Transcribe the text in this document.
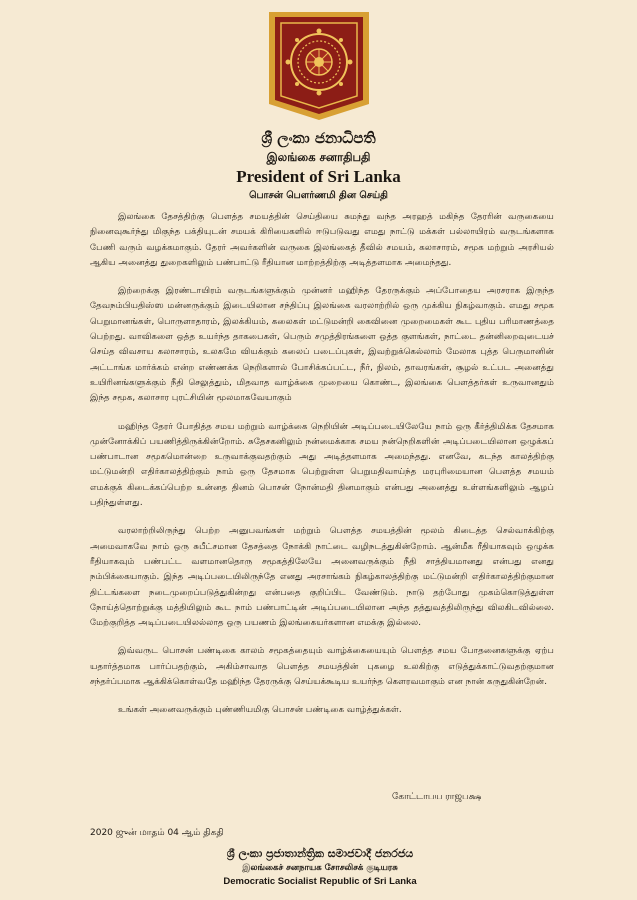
ශ්‍රී ලංකා ජනාධිපති
இலங்கை சனாதிபதி
President of Sri Lanka
பொசன் பௌர்ணமி தின செய்தி

இலங்கை தேசத்திற்கு பௌத்த சமயத்தின் செய்தியை சுமந்து வந்த அரஹத் மகிந்த தேரரின் வருகையை நினைவுகூர்ந்து மிகுந்த பக்தியுடன் சமயக் கிரியைகளில் ஈடுபடுவது எமது நாட்டு மக்கள் பல்லாயிரம் வருடங்களாக பேணி வரும் வழக்கமாகும். தேரர் அவர்களின் வருகை இலங்கைத் தீவில் சமயம், கலாசாரம், சமூக மற்றும் அரசியல் ஆகிய அனைத்து துறைகளிலும் பண்பாட்டு ரீதியான மாற்றத்திற்கு அடித்தளமாக அமைந்தது.

இற்றைக்கு இரண்டாயிரம் வருடங்களுக்கும் முன்னர் மஹிந்த தேரருக்கும் அப்போதைய அரசராக இருந்த தேவநம்பியதிஸ்ஸ மன்னருக்கும் இடையிலான சந்திப்பு இலங்கை வரலாற்றில் ஒரு முக்கிய நிகழ்வாகும். எமது சமூக பெறுமானங்கள், பொருளாதாரம், இலக்கியம், கலைகள் மட்டுமன்றி கைவினை முறைமைகள் கூட புதிய பரிமாணத்தை பெற்றது. வாவிகளை ஒத்த உயர்ந்த தாகபைகள், பெரும் சமுத்திரங்களை ஒத்த குளங்கள், நாட்டை தன்னிறைவுடையச் செய்த விவசாய கலாசாரம், உலகமே வியக்கும் கலைப் படைப்புகள், இவற்றுக்கெல்லாம் மேலாக புத்த பெருமானின் அட்டாங்க மார்க்கம் என்ற எண்ணக்க நெறிகளால் போசிக்கப்பட்ட, நீர், நிலம், தாவரங்கள், சூழல் உட்பட அனைத்து உயிரினங்களுக்கும் நீதி செலுத்தும், மிதவாத வாழ்க்கை முறையை கொண்ட, இலங்கை பௌத்தர்கள் உருவானதும் இந்த சமூக, கலாசார புரட்சியின் மூலமாகவேயாகும்

மஹிந்த தேரர் போதித்த சமய மற்றும் வாழ்க்கை நெறியின் அடிப்படையிலேயே நாம் ஒரு கீர்த்திமிக்க தேசமாக முன்னோக்கிப் பயணித்திருக்கின்றோம். சுதேசகனிலும் நன்மைக்காக சமய நன்நெறிகளின் அடிப்படையிலான ஒழுக்கப் பண்பாடான சமூகமொன்றை உருவாக்குவதற்கும் அது அடித்தளமாக அமைந்தது. எனவே, கடந்த காலத்திற்கு மட்டுமன்றி எதிர்காலத்திற்கும் நாம் ஒரு தேசமாக பெற்றுள்ள பெறுமதிவாய்ந்த மரபுரிமையான பௌத்த சமயம் எமக்குக் கிடைக்கப்பெற்ற உன்னத தினம் பொசன் நோன்மதி தினமாகும் என்பது அனைத்து உள்ளங்களிலும் ஆழப் பதிந்துள்ளது.

வரலாற்றிலிருந்து பெற்ற அனுபவங்கள் மற்றும் பௌத்த சமயத்தின் மூலம் கிடைத்த செல்வாக்கிற்கு அமைவாகவே நாம் ஒரு சுபீட்சமான தேசத்தை நோக்கி நாட்டை வழிநடத்துகின்றோம். ஆன்மீக ரீதியாகவும் ஒழுக்க ரீதியாகவும் பண்பட்ட வளமானதொரு சமூகத்திலேயே அனைவருக்கும் நீதி சாத்தியமானது என்பது எனது நம்பிக்கையாகும். இந்த அடிப்படையிலிருந்தே எனது அரசாங்கம் நிகழ்காலத்திற்கு மட்டுமன்றி எதிர்காலத்திற்குமான திட்டங்களை நடைமுறைப்படுத்துகின்றது என்பதை குறிப்பிட வேண்டும். நாடு தற்போது முகம்கொடுத்துள்ள நோய்த்தொற்றுக்கு மத்தியிலும் கூட நாம் பண்பாட்டின் அடிப்படையிலான அந்த தத்துவத்திலிருந்து விலகிடவில்லை. மேற்குறித்த அடிப்படையிலல்லாத ஒரு பயணம் இலங்கையர்களான எமக்கு இல்லை.

இவ்வருட பொசன் பண்டிகை காலம் சமூகத்தையும் வாழ்க்கையையும் பௌத்த சமய போதனைகளுக்கு ஏற்ப யதார்த்தமாக பார்ப்பதற்கும், அகிம்சாவாத பௌத்த சமயத்தின் புகழை உலகிற்கு எடுத்துக்காட்டுவதற்குமான சந்தர்ப்பமாக ஆக்கிக்கொள்வதே மஹிந்த தேரருக்கு செய்யக்கூடிய உயர்ந்த கௌரவமாகும் என நான் கருதுகின்றேன்.

உங்கள் அனைவருக்கும் புண்ணியமிகு பொசன் பண்டிகை வாழ்த்துக்கள்.

கோட்டாபய ராஜபக்ஷ
2020 ஜுன் மாதம் 04 ஆம் திகதி
ශ්‍රී ලංකා ප්‍රජාතාන්ත්‍රික සමාජවාදී ජනරජය
இலங்கைச் சனநாயக சோசலிசக் குடியரசு
Democratic Socialist Republic of Sri Lanka
